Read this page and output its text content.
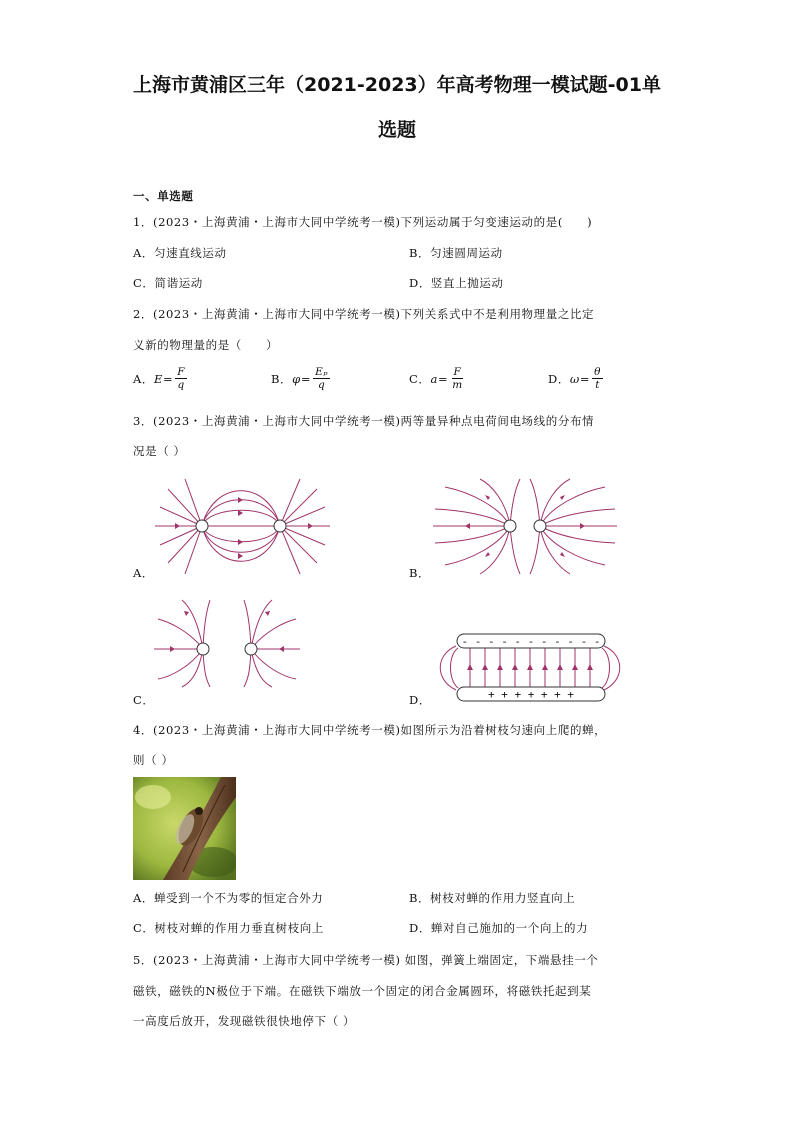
上海市黄浦区三年（2021-2023）年高考物理一模试题-01单
选题
一、单选题
1．(2023・上海黄浦・上海市大同中学统考一模)下列运动属于匀变速运动的是(　　)
A．匀速直线运动	B．匀速圆周运动
C．简谐运动	D．竖直上抛运动
2．(2023・上海黄浦・上海市大同中学统考一模)下列关系式中不是利用物理量之比定
义新的物理量的是（　　）
A． $E = \frac{F}{q}$	B． $\varphi = \frac{\text{Eₚ}}{q}$	C． $a = \frac{F}{m}$	D． $\omega = \frac{\theta}{t}$
3．(2023・上海黄浦・上海市大同中学统考一模)两等量异种点电荷间电场线的分布情
况是（ ）
A．	B．
C．
- - - - - - - - - - -
+ + + + + + +
D．
4．(2023・上海黄浦・上海市大同中学统考一模)如图所示为沿着树枝匀速向上爬的蝉，
则（ ）
A．蝉受到一个不为零的恒定合外力	B．树枝对蝉的作用力竖直向上
C．树枝对蝉的作用力垂直树枝向上	D．蝉对自己施加的一个向上的力
5．(2023・上海黄浦・上海市大同中学统考一模) 如图，弹簧上端固定，下端悬挂一个
磁铁，磁铁的N极位于下端。在磁铁下端放一个固定的闭合金属圆环，将磁铁托起到某
一高度后放开，发现磁铁很快地停下（ ）
